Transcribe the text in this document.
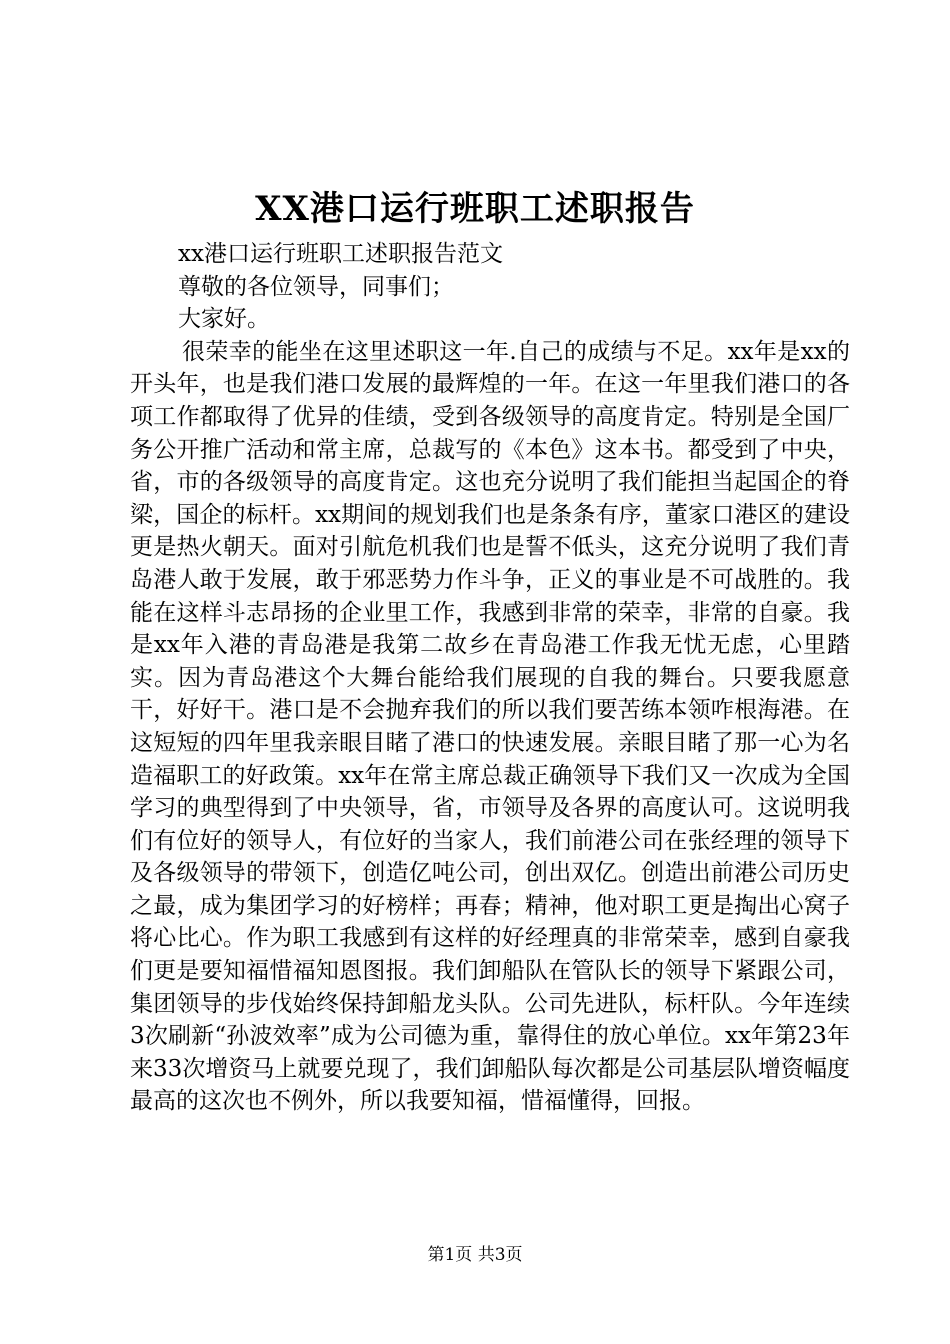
XX港口运行班职工述职报告

xx港口运行班职工述职报告范文

尊敬的各位领导，同事们；

大家好。

很荣幸的能坐在这里述职这一年.自己的成绩与不足。xx年是xx的开头年，也是我们港口发展的最辉煌的一年。在这一年里我们港口的各项工作都取得了优异的佳绩，受到各级领导的高度肯定。特别是全国厂务公开推广活动和常主席，总裁写的《本色》这本书。都受到了中央，省，市的各级领导的高度肯定。这也充分说明了我们能担当起国企的脊梁，国企的标杆。xx期间的规划我们也是条条有序，董家口港区的建设更是热火朝天。面对引航危机我们也是誓不低头，这充分说明了我们青岛港人敢于发展，敢于邪恶势力作斗争，正义的事业是不可战胜的。我能在这样斗志昂扬的企业里工作，我感到非常的荣幸，非常的自豪。我是xx年入港的青岛港是我第二故乡在青岛港工作我无忧无虑，心里踏实。因为青岛港这个大舞台能给我们展现的自我的舞台。只要我愿意干，好好干。港口是不会抛弃我们的所以我们要苦练本领咋根海港。在这短短的四年里我亲眼目睹了港口的快速发展。亲眼目睹了那一心为名造福职工的好政策。xx年在常主席总裁正确领导下我们又一次成为全国学习的典型得到了中央领导，省，市领导及各界的高度认可。这说明我们有位好的领导人，有位好的当家人，我们前港公司在张经理的领导下及各级领导的带领下，创造亿吨公司，创出双亿。创造出前港公司历史之最，成为集团学习的好榜样；再春；精神，他对职工更是掏出心窝子将心比心。作为职工我感到有这样的好经理真的非常荣幸，感到自豪我们更是要知福惜福知恩图报。我们卸船队在管队长的领导下紧跟公司，集团领导的步伐始终保持卸船龙头队。公司先进队，标杆队。今年连续3次刷新“孙波效率”成为公司德为重，靠得住的放心单位。xx年第23年来33次增资马上就要兑现了，我们卸船队每次都是公司基层队增资幅度最高的这次也不例外，所以我要知福，惜福懂得，回报。

第1页 共3页
